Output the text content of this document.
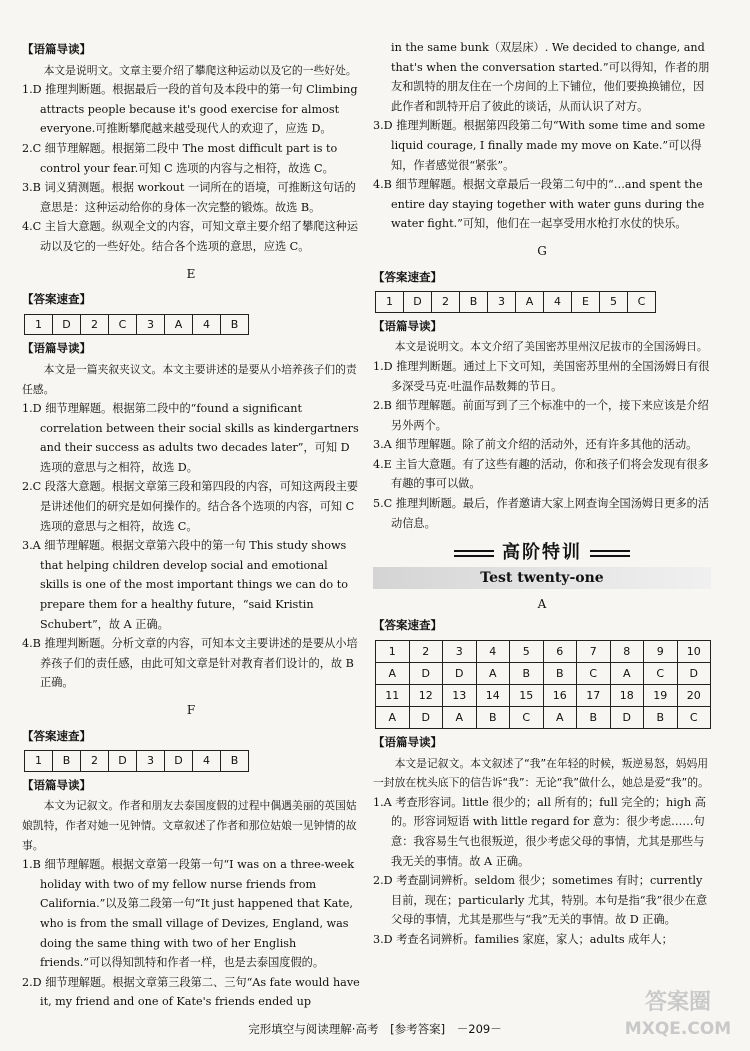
【语篇导读】

本文是说明文。文章主要介绍了攀爬这种运动以及它的一些好处。

1.D 推理判断题。根据最后一段的首句及本段中的第一句 Climbing attracts people because it's good exercise for almost everyone.可推断攀爬越来越受现代人的欢迎了，应选 D。

2.C 细节理解题。根据第二段中 The most difficult part is to control your fear.可知 C 选项的内容与之相符，故选 C。

3.B 词义猜测题。根据 workout 一词所在的语境，可推断这句话的意思是：这种运动给你的身体一次完整的锻炼。故选 B。

4.C 主旨大意题。纵观全文的内容，可知文章主要介绍了攀爬这种运动以及它的一些好处。结合各个选项的意思，应选 C。

E

【答案速查】

1	D	2	C	3	A	4	B

【语篇导读】

本文是一篇夹叙夹议文。本文主要讲述的是要从小培养孩子们的责任感。

1.D 细节理解题。根据第二段中的“found a significant correlation between their social skills as kindergartners and their success as adults two decades later”，可知 D 选项的意思与之相符，故选 D。

2.C 段落大意题。根据文章第三段和第四段的内容，可知这两段主要是讲述他们的研究是如何操作的。结合各个选项的内容，可知 C 选项的意思与之相符，故选 C。

3.A 细节理解题。根据文章第六段中的第一句 This study shows that helping children develop social and emotional skills is one of the most important things we can do to prepare them for a healthy future，“said Kristin Schubert”，故 A 正确。

4.B 推理判断题。分析文章的内容，可知本文主要讲述的是要从小培养孩子们的责任感，由此可知文章是针对教育者们设计的，故 B 正确。

F

【答案速查】

1	B	2	D	3	D	4	B

【语篇导读】

本文为记叙文。作者和朋友去泰国度假的过程中偶遇美丽的英国姑娘凯特，作者对她一见钟情。文章叙述了作者和那位姑娘一见钟情的故事。

1.B 细节理解题。根据文章第一段第一句“I was on a three-week holiday with two of my fellow nurse friends from California.”以及第二段第一句“It just happened that Kate, who is from the small village of Devizes, England, was doing the same thing with two of her English friends.”可以得知凯特和作者一样，也是去泰国度假的。

2.D 细节理解题。根据文章第三段第二、三句“As fate would have it, my friend and one of Kate's friends ended up

in the same bunk（双层床）. We decided to change, and that's when the conversation started.”可以得知，作者的朋友和凯特的朋友住在一个房间的上下铺位，他们要换换铺位，因此作者和凯特开启了彼此的谈话，从而认识了对方。

3.D 推理判断题。根据第四段第二句“With some time and some liquid courage, I finally made my move on Kate.”可以得知，作者感觉很“紧张”。

4.B 细节理解题。根据文章最后一段第二句中的“…and spent the entire day staying together with water guns during the water fight.”可知，他们在一起享受用水枪打水仗的快乐。

G

【答案速查】

1	D	2	B	3	A	4	E	5	C

【语篇导读】

本文是说明文。本文介绍了美国密苏里州汉尼拔市的全国汤姆日。

1.D 推理判断题。通过上下文可知，美国密苏里州的全国汤姆日有很多深受马克·吐温作品数舞的节日。

2.B 细节理解题。前面写到了三个标准中的一个，接下来应该是介绍另外两个。

3.A 细节理解题。除了前文介绍的活动外，还有许多其他的活动。

4.E 主旨大意题。有了这些有趣的活动，你和孩子们将会发现有很多有趣的事可以做。

5.C 推理判断题。最后，作者邀请大家上网查询全国汤姆日更多的活动信息。

高阶特训
Test twenty-one

A

【答案速查】

1	2	3	4	5	6	7	8	9	10
A	D	D	A	B	B	C	A	C	D
11	12	13	14	15	16	17	18	19	20
A	D	A	B	C	A	B	D	B	C

【语篇导读】

本文是记叙文。本文叙述了“我”在年轻的时候，叛逆易怒，妈妈用一封放在枕头底下的信告诉“我”：无论“我”做什么，她总是爱“我”的。

1.A 考查形容词。little 很少的；all 所有的；full 完全的；high 高的。形容词短语 with little regard for 意为：很少考虑……句意：我容易生气也很叛逆，很少考虑父母的事情，尤其是那些与我无关的事情。故 A 正确。

2.D 考查副词辨析。seldom 很少；sometimes 有时；currently 目前，现在；particularly 尤其，特别。本句是指“我”很少在意父母的事情，尤其是那些与“我”无关的事情。故 D 正确。

3.D 考查名词辨析。families 家庭，家人；adults 成年人；

完形填空与阅读理解·高考 [参考答案] －209－
答案圈
MXQE.COM
